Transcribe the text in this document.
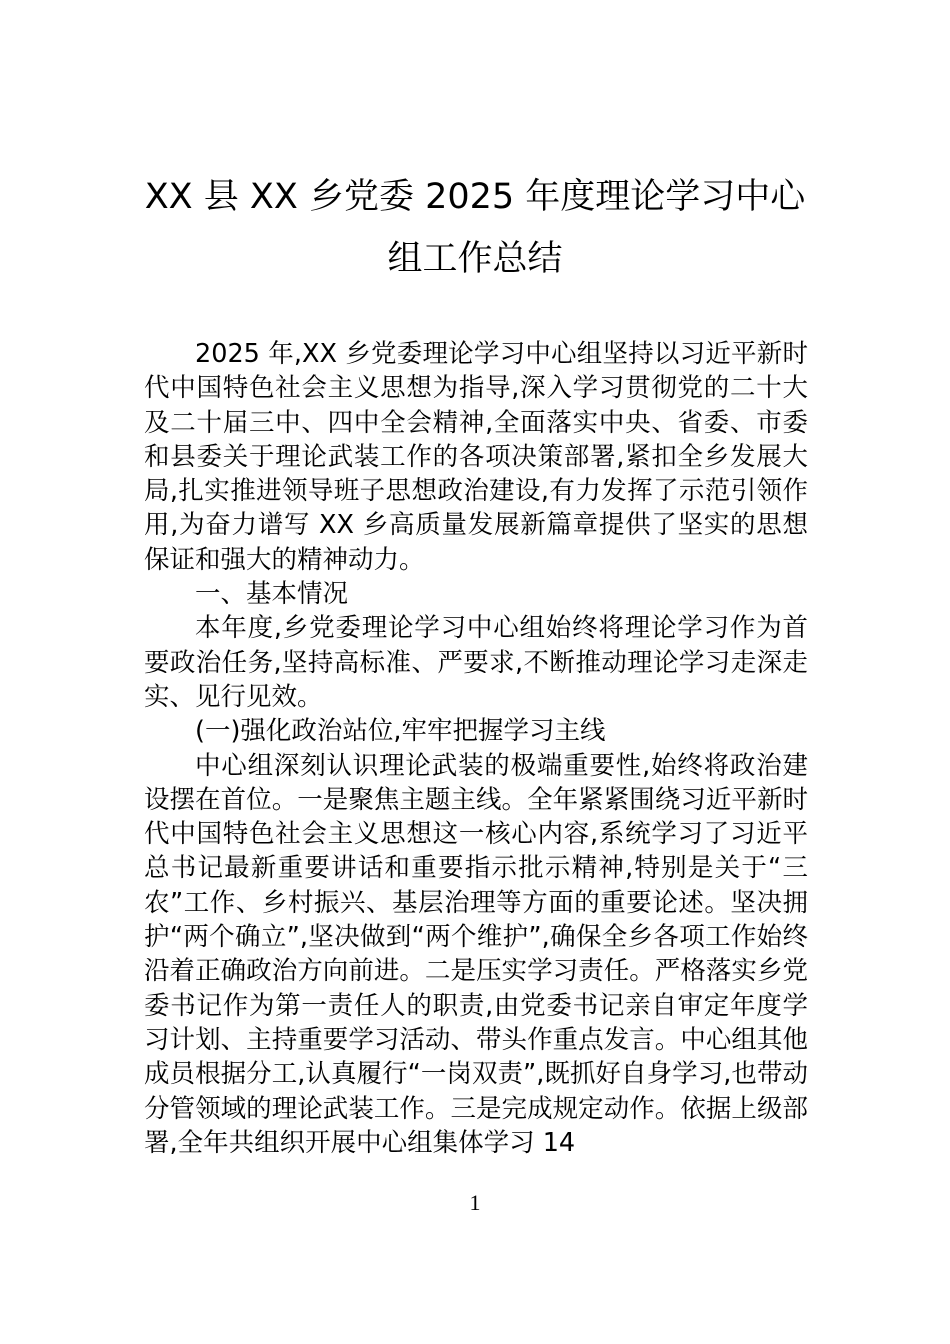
XX 县 XX 乡党委 2025 年度理论学习中心
组工作总结

2025 年,XX 乡党委理论学习中心组坚持以习近平新时代中国特色社会主义思想为指导,深入学习贯彻党的二十大及二十届三中、四中全会精神,全面落实中央、省委、市委和县委关于理论武装工作的各项决策部署,紧扣全乡发展大局,扎实推进领导班子思想政治建设,有力发挥了示范引领作用,为奋力谱写 XX 乡高质量发展新篇章提供了坚实的思想保证和强大的精神动力。

一、基本情况

本年度,乡党委理论学习中心组始终将理论学习作为首要政治任务,坚持高标准、严要求,不断推动理论学习走深走实、见行见效。

(一)强化政治站位,牢牢把握学习主线

中心组深刻认识理论武装的极端重要性,始终将政治建设摆在首位。一是聚焦主题主线。全年紧紧围绕习近平新时代中国特色社会主义思想这一核心内容,系统学习了习近平总书记最新重要讲话和重要指示批示精神,特别是关于“三农”工作、乡村振兴、基层治理等方面的重要论述。坚决拥护“两个确立”,坚决做到“两个维护”,确保全乡各项工作始终沿着正确政治方向前进。二是压实学习责任。严格落实乡党委书记作为第一责任人的职责,由党委书记亲自审定年度学习计划、主持重要学习活动、带头作重点发言。中心组其他成员根据分工,认真履行“一岗双责”,既抓好自身学习,也带动分管领域的理论武装工作。三是完成规定动作。依据上级部署,全年共组织开展中心组集体学习 14

1
